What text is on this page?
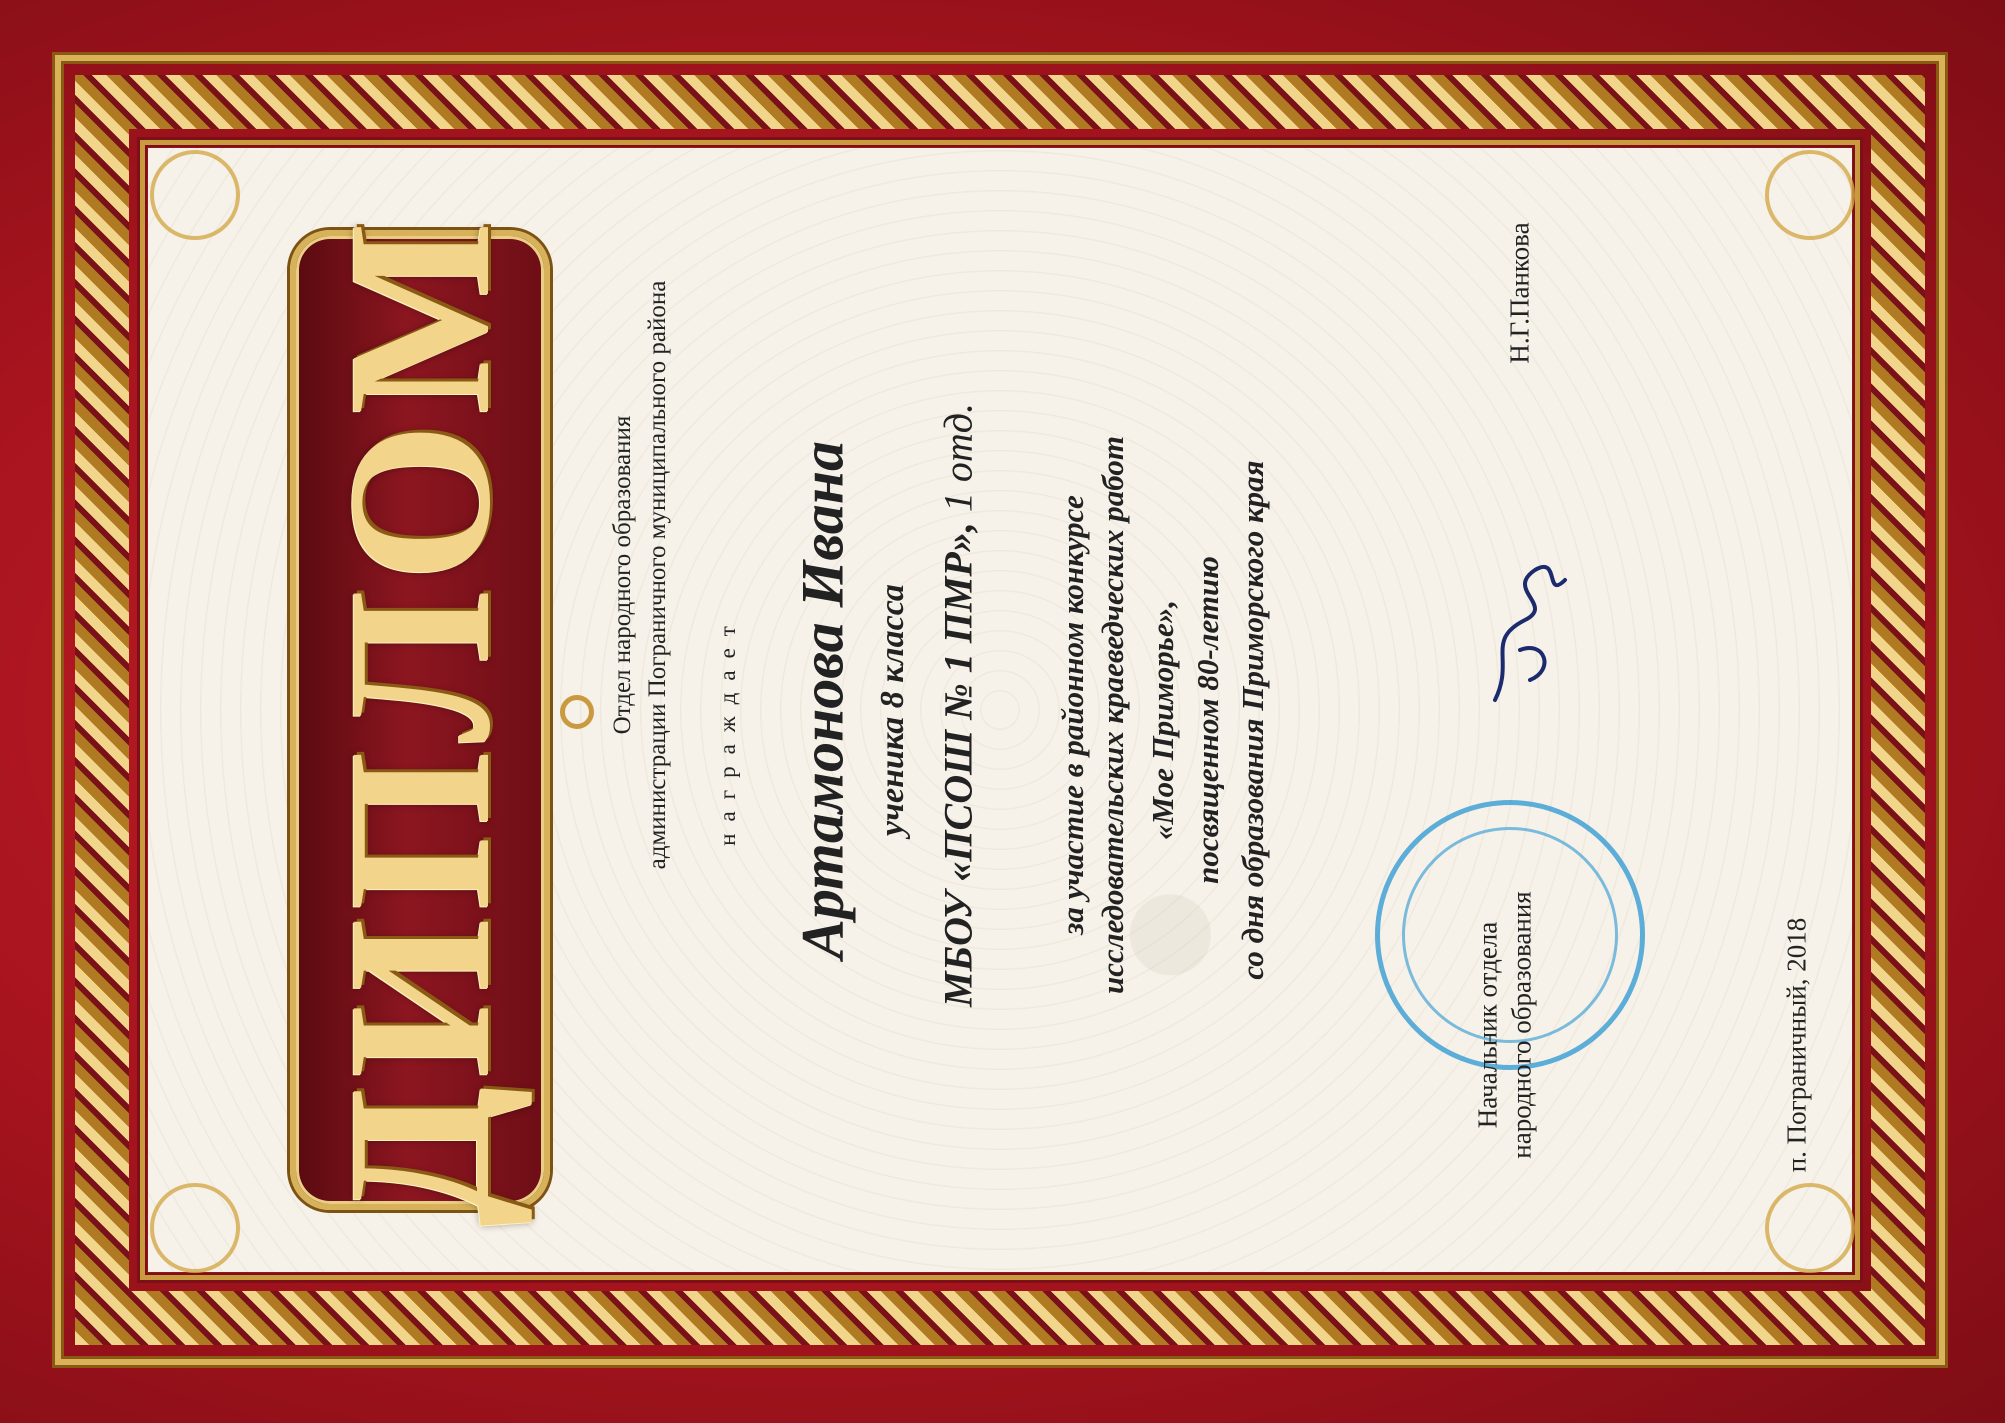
ДИПЛОМ	Отдел народного образования администрации Пограничного муниципального района награждает Артамонова Ивана ученика 8 класса МБОУ «ПСОШ № 1 ПМР», 1 отд.
за участие в районном конкурсе исследовательских краеведческих работ «Мое Приморье», посвященном 80-летию со дня образования Приморского края
Начальник отдела народного образования
Н.Г.Панкова
п. Пограничный, 2018
